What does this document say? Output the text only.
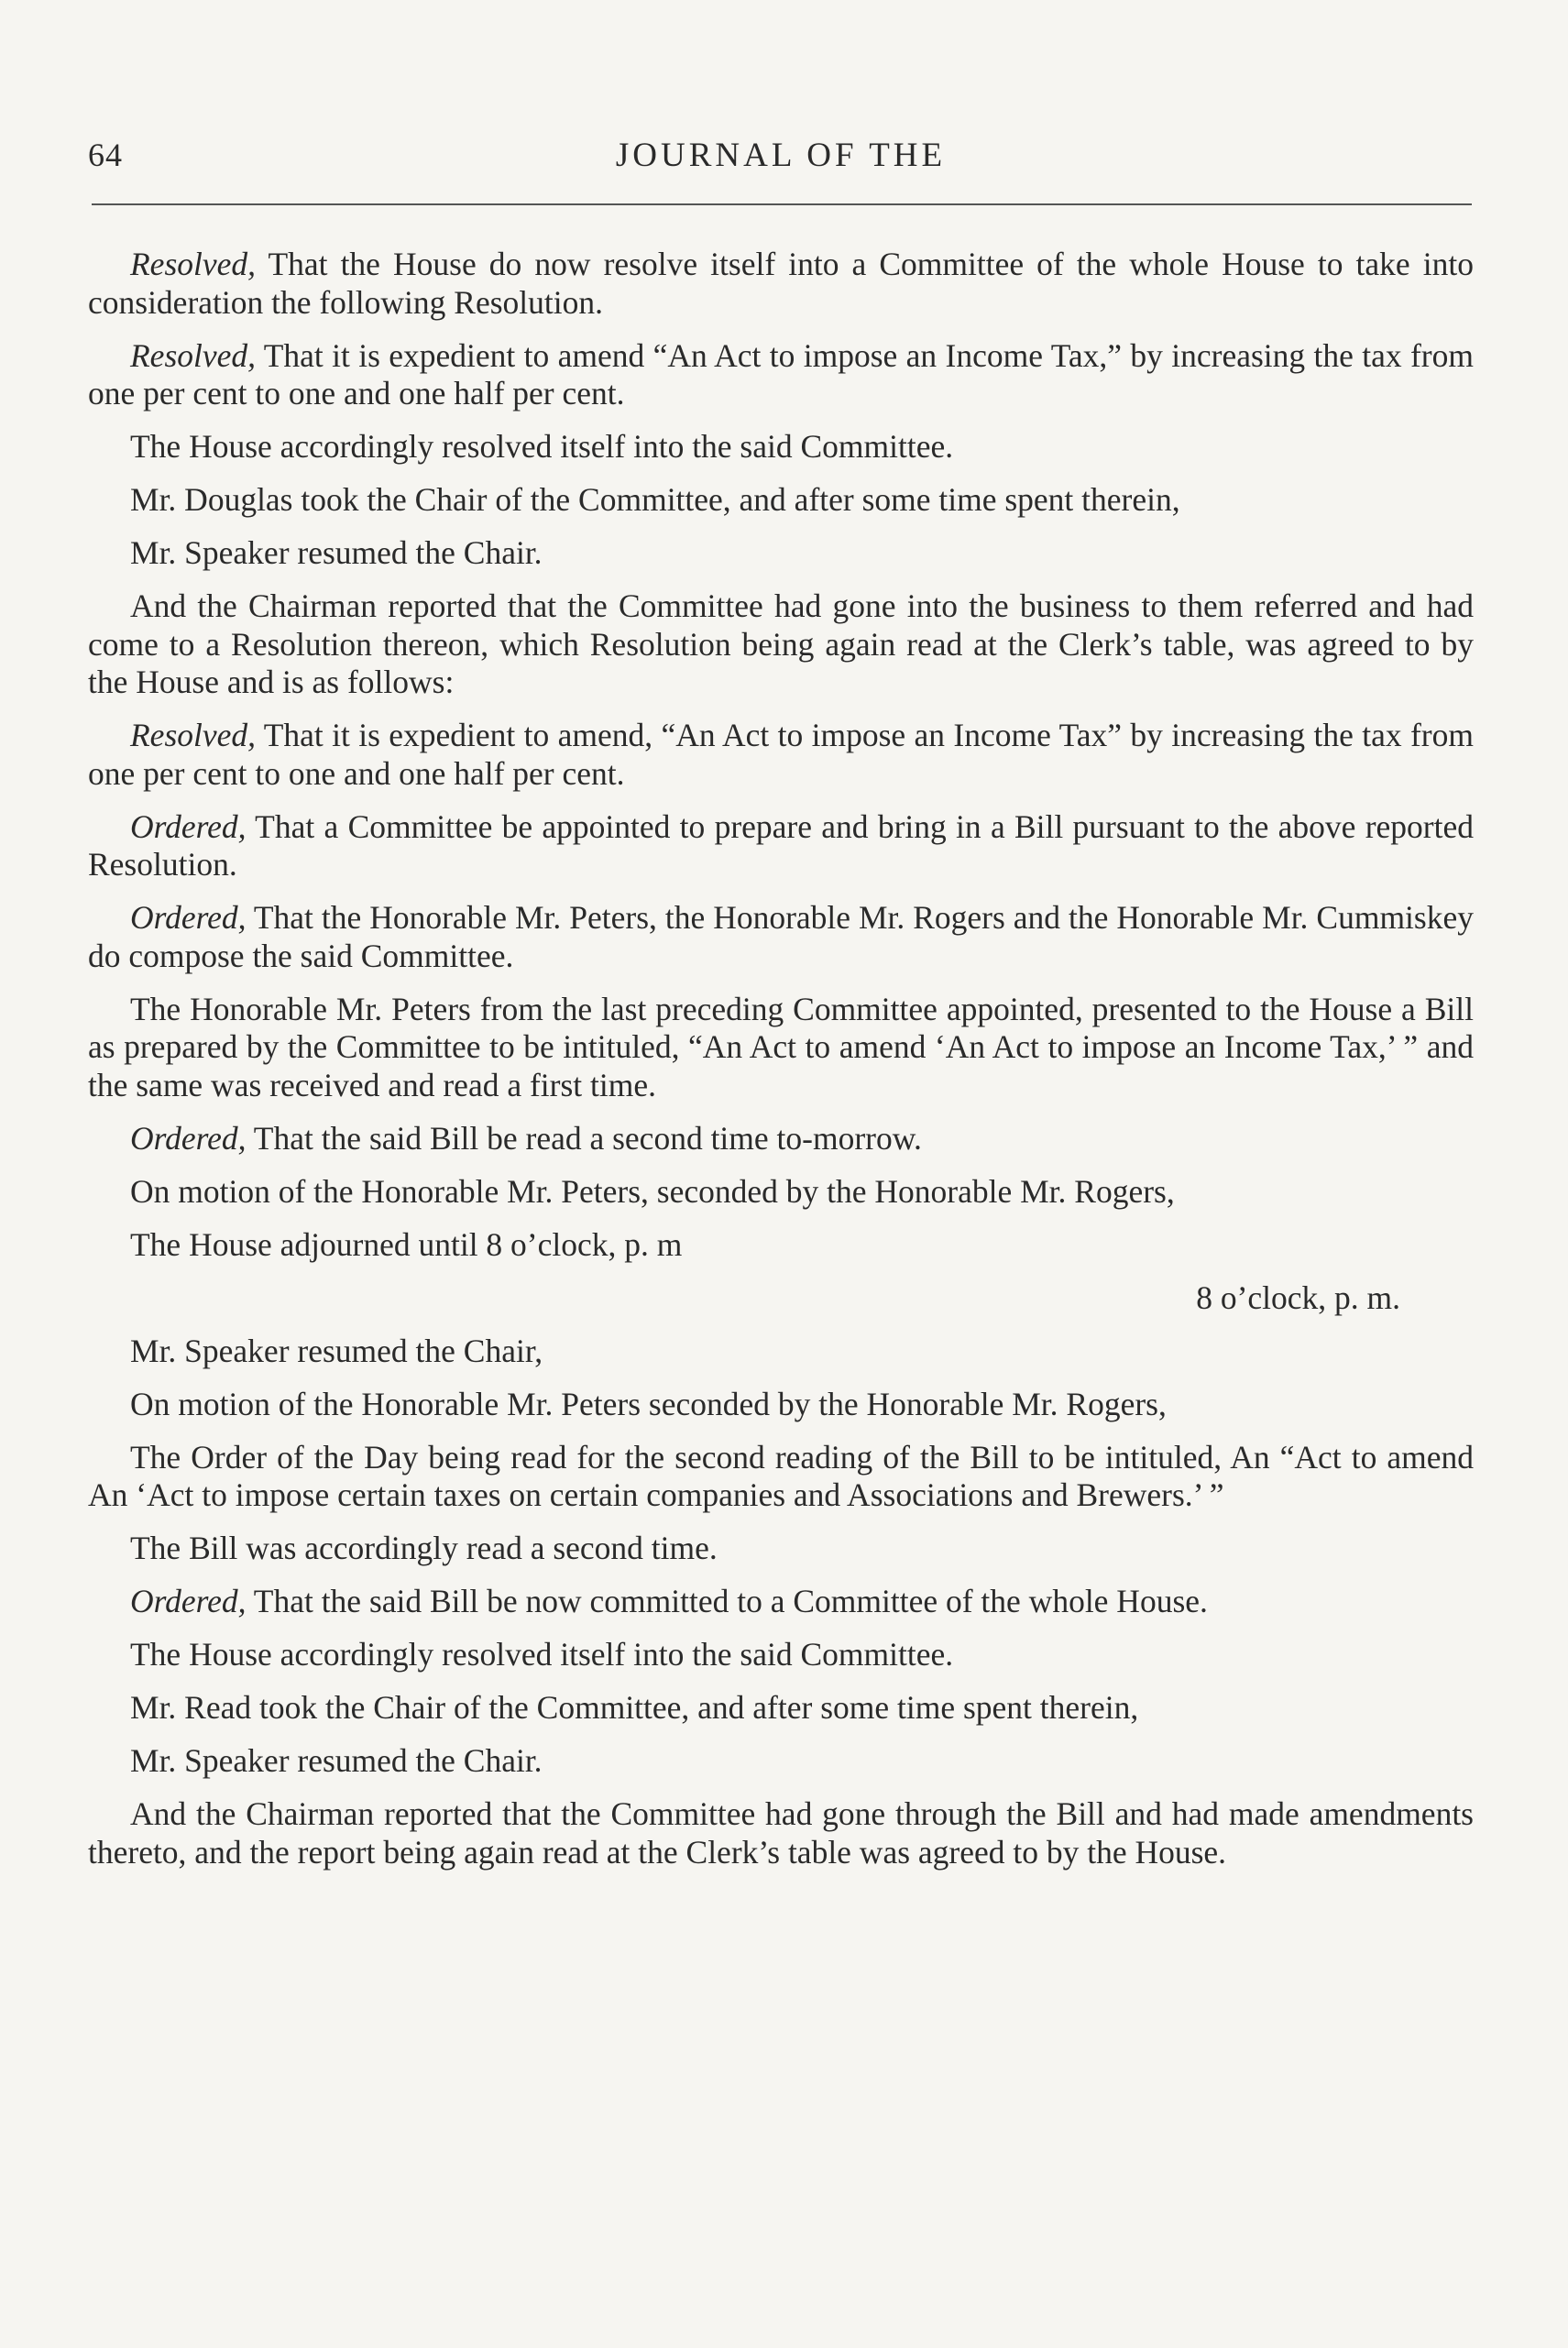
64	JOURNAL OF THE

Resolved, That the House do now resolve itself into a Committee of the whole House to take into consideration the following Resolution.

Resolved, That it is expedient to amend “An Act to impose an Income Tax,” by increasing the tax from one per cent to one and one half per cent.

The House accordingly resolved itself into the said Committee.

Mr. Douglas took the Chair of the Committee, and after some time spent therein,

Mr. Speaker resumed the Chair.

And the Chairman reported that the Committee had gone into the business to them referred and had come to a Resolution thereon, which Resolution being again read at the Clerk’s table, was agreed to by the House and is as follows:

Resolved, That it is expedient to amend, “An Act to impose an Income Tax” by increasing the tax from one per cent to one and one half per cent.

Ordered, That a Committee be appointed to prepare and bring in a Bill pursuant to the above reported Resolution.

Ordered, That the Honorable Mr. Peters, the Honorable Mr. Rogers and the Honorable Mr. Cummiskey do compose the said Committee.

The Honorable Mr. Peters from the last preceding Committee appointed, presented to the House a Bill as prepared by the Committee to be intituled, “An Act to amend ‘An Act to impose an Income Tax,’ ” and the same was received and read a first time.

Ordered, That the said Bill be read a second time to-morrow.

On motion of the Honorable Mr. Peters, seconded by the Honorable Mr. Rogers,

The House adjourned until 8 o’clock, p. m

8 o’clock, p. m.

Mr. Speaker resumed the Chair,

On motion of the Honorable Mr. Peters seconded by the Honorable Mr. Rogers,

The Order of the Day being read for the second reading of the Bill to be intituled, An “Act to amend An ‘Act to impose certain taxes on certain companies and Associations and Brewers.’ ”

The Bill was accordingly read a second time.

Ordered, That the said Bill be now committed to a Committee of the whole House.

The House accordingly resolved itself into the said Committee.

Mr. Read took the Chair of the Committee, and after some time spent therein,

Mr. Speaker resumed the Chair.

And the Chairman reported that the Committee had gone through the Bill and had made amendments thereto, and the report being again read at the Clerk’s table was agreed to by the House.
